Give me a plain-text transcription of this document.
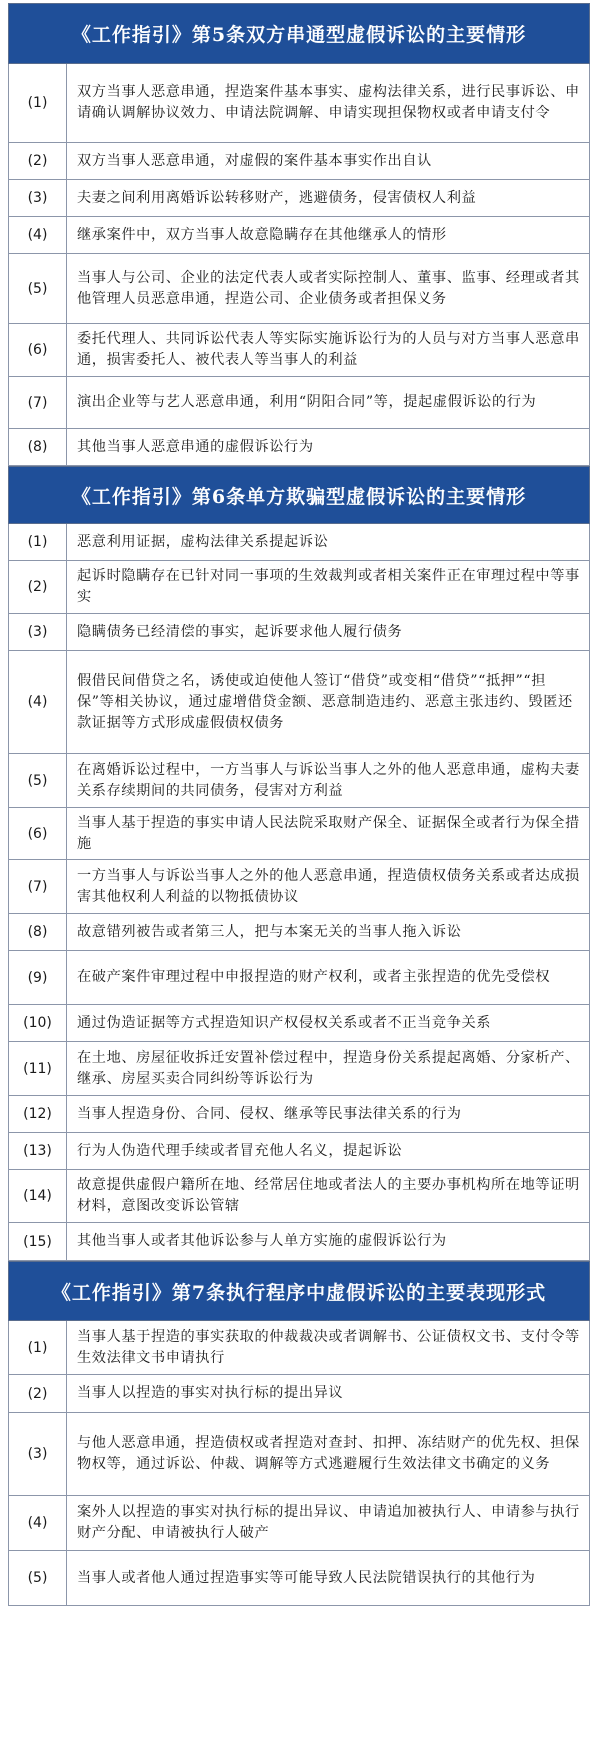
《工作指引》第5条双方串通型虚假诉讼的主要情形
(1)
双方当事人恶意串通，捏造案件基本事实、虚构法律关系，进行民事诉讼、申请确认调解协议效力、申请法院调解、申请实现担保物权或者申请支付令
(2)	双方当事人恶意串通，对虚假的案件基本事实作出自认
(3)	夫妻之间利用离婚诉讼转移财产，逃避债务，侵害债权人利益
(4)	继承案件中，双方当事人故意隐瞒存在其他继承人的情形
(5)
当事人与公司、企业的法定代表人或者实际控制人、董事、监事、经理或者其他管理人员恶意串通，捏造公司、企业债务或者担保义务
(6)
委托代理人、共同诉讼代表人等实际实施诉讼行为的人员与对方当事人恶意串通，损害委托人、被代表人等当事人的利益
(7)	演出企业等与艺人恶意串通，利用“阴阳合同”等，提起虚假诉讼的行为
(8)	其他当事人恶意串通的虚假诉讼行为
《工作指引》第6条单方欺骗型虚假诉讼的主要情形
(1)	恶意利用证据，虚构法律关系提起诉讼
(2)
起诉时隐瞒存在已针对同一事项的生效裁判或者相关案件正在审理过程中等事实
(3)	隐瞒债务已经清偿的事实，起诉要求他人履行债务
(4)
假借民间借贷之名，诱使或迫使他人签订“借贷”或变相“借贷”“抵押”“担保”等相关协议，通过虚增借贷金额、恶意制造违约、恶意主张违约、毁匿还款证据等方式形成虚假债权债务
(5)
在离婚诉讼过程中，一方当事人与诉讼当事人之外的他人恶意串通，虚构夫妻关系存续期间的共同债务，侵害对方利益
(6)
当事人基于捏造的事实申请人民法院采取财产保全、证据保全或者行为保全措施
(7)
一方当事人与诉讼当事人之外的他人恶意串通，捏造债权债务关系或者达成损害其他权利人利益的以物抵债协议
(8)	故意错列被告或者第三人，把与本案无关的当事人拖入诉讼
(9)	在破产案件审理过程中申报捏造的财产权利，或者主张捏造的优先受偿权
(10)	通过伪造证据等方式捏造知识产权侵权关系或者不正当竞争关系
(11)
在土地、房屋征收拆迁安置补偿过程中，捏造身份关系提起离婚、分家析产、继承、房屋买卖合同纠纷等诉讼行为
(12)	当事人捏造身份、合同、侵权、继承等民事法律关系的行为
(13)	行为人伪造代理手续或者冒充他人名义，提起诉讼
(14)
故意提供虚假户籍所在地、经常居住地或者法人的主要办事机构所在地等证明材料，意图改变诉讼管辖
(15)	其他当事人或者其他诉讼参与人单方实施的虚假诉讼行为
《工作指引》第7条执行程序中虚假诉讼的主要表现形式
(1)
当事人基于捏造的事实获取的仲裁裁决或者调解书、公证债权文书、支付令等生效法律文书申请执行
(2)	当事人以捏造的事实对执行标的提出异议
(3)
与他人恶意串通，捏造债权或者捏造对查封、扣押、冻结财产的优先权、担保物权等，通过诉讼、仲裁、调解等方式逃避履行生效法律文书确定的义务
(4)
案外人以捏造的事实对执行标的提出异议、申请追加被执行人、申请参与执行财产分配、申请被执行人破产
(5)	当事人或者他人通过捏造事实等可能导致人民法院错误执行的其他行为
